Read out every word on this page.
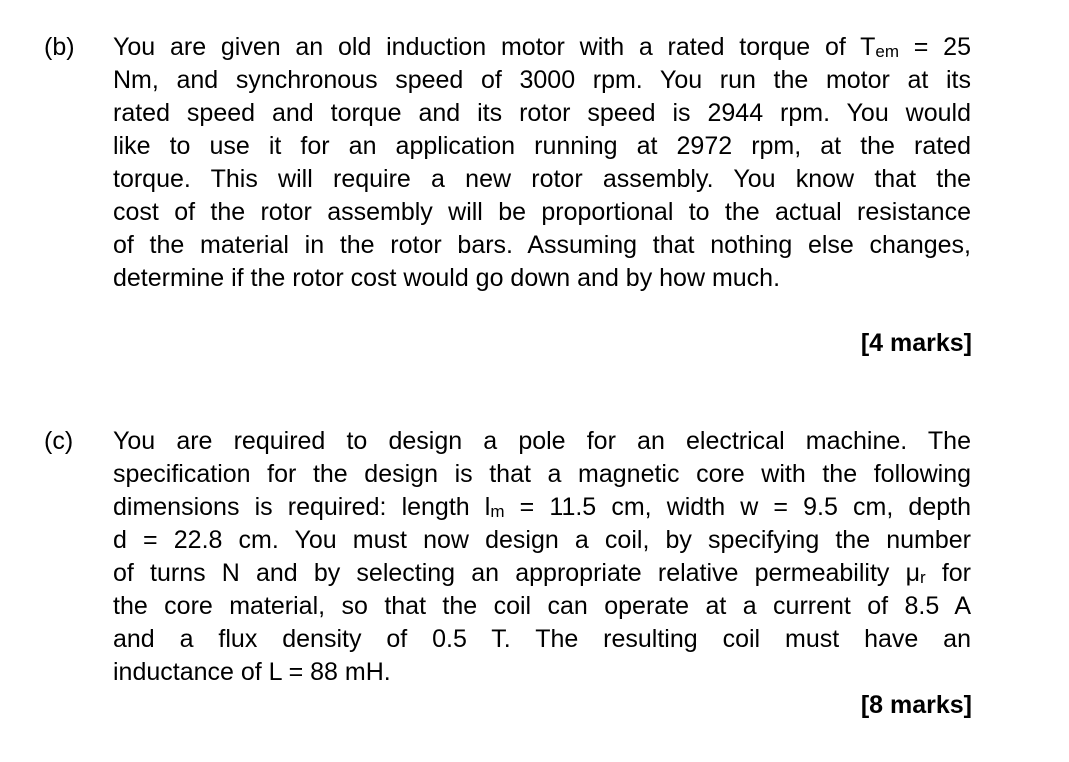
(b) You are given an old induction motor with a rated torque of Tem = 25
Nm, and synchronous speed of 3000 rpm. You run the motor at its
rated speed and torque and its rotor speed is 2944 rpm. You would
like to use it for an application running at 2972 rpm, at the rated
torque. This will require a new rotor assembly. You know that the
cost of the rotor assembly will be proportional to the actual resistance
of the material in the rotor bars. Assuming that nothing else changes,
determine if the rotor cost would go down and by how much.
[4 marks]
(c) You are required to design a pole for an electrical machine. The
specification for the design is that a magnetic core with the following
dimensions is required: length lm = 11.5 cm, width w = 9.5 cm, depth
d = 22.8 cm. You must now design a coil, by specifying the number
of turns N and by selecting an appropriate relative permeability μr for
the core material, so that the coil can operate at a current of 8.5 A
and a flux density of 0.5 T. The resulting coil must have an
inductance of L = 88 mH.
[8 marks]
